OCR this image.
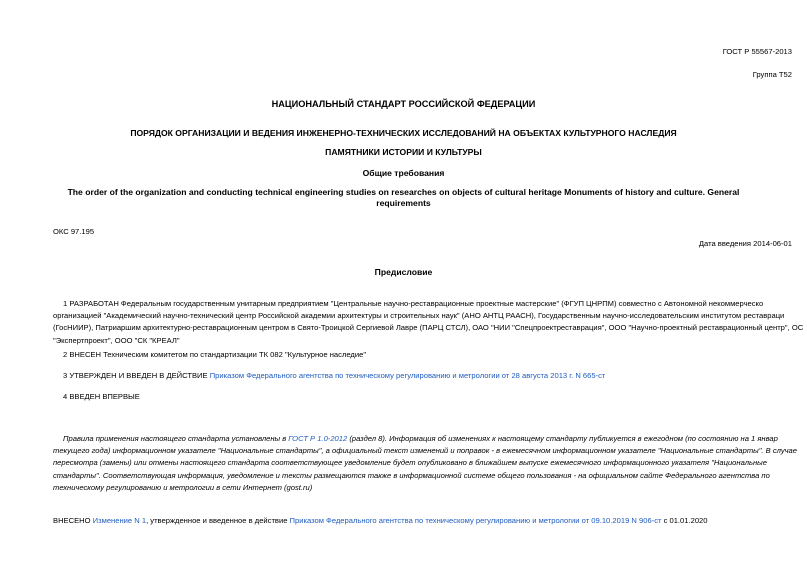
ГОСТ Р 55567-2013
Группа Т52
НАЦИОНАЛЬНЫЙ СТАНДАРТ РОССИЙСКОЙ ФЕДЕРАЦИИ
ПОРЯДОК ОРГАНИЗАЦИИ И ВЕДЕНИЯ ИНЖЕНЕРНО-ТЕХНИЧЕСКИХ ИССЛЕДОВАНИЙ НА ОБЪЕКТАХ КУЛЬТУРНОГО НАСЛЕДИЯ
ПАМЯТНИКИ ИСТОРИИ И КУЛЬТУРЫ
Общие требования
The order of the organization and conducting technical engineering studies on researches on objects of cultural heritage Monuments of history and culture. General
requirements
ОКС 97.195
Дата введения 2014-06-01
Предисловие
1 РАЗРАБОТАН Федеральным государственным унитарным предприятием "Центральные научно-реставрационные проектные мастерские" (ФГУП ЦНРПМ) совместно с Автономной некоммерческо
организацией "Академический научно-технический центр Российской академии архитектуры и строительных наук" (АНО АНТЦ РААСН), Государственным научно-исследовательским институтом реставраци
(ГосНИИР), Патриаршим архитектурно-реставрационным центром в Свято-Троицкой Сергиевой Лавре (ПАРЦ СТСЛ), ОАО "НИИ "Спецпроектреставрация", ООО "Научно-проектный реставрационный центр", ОС
"Экспертпроект", ООО "СК "КРЕАЛ"
2 ВНЕСЕН Техническим комитетом по стандартизации ТК 082 "Культурное наследие"
3 УТВЕРЖДЕН И ВВЕДЕН В ДЕЙСТВИЕ Приказом Федерального агентства по техническому регулированию и метрологии от 28 августа 2013 г. N 665-ст
4 ВВЕДЕН ВПЕРВЫЕ
Правила применения настоящего стандарта установлены в ГОСТ Р 1.0-2012 (раздел 8). Информация об изменениях к настоящему стандарту публикуется в ежегодном (по состоянию на 1 январ
текущего года) информационном указателе "Национальные стандарты", а официальный текст изменений и поправок - в ежемесячном информационном указателе "Национальные стандарты". В случае
пересмотра (замены) или отмены настоящего стандарта соответствующее уведомление будет опубликовано в ближайшем выпуске ежемесячного информационного указателя "Национальные
стандарты". Соответствующая информация, уведомление и тексты размещаются также в информационной системе общего пользования - на официальном сайте Федерального агентства по
техническому регулированию и метрологии в сети Интернет (gost.ru)
ВНЕСЕНО Изменение N 1, утвержденное и введенное в действие Приказом Федерального агентства по техническому регулированию и метрологии от 09.10.2019 N 906-ст с 01.01.2020
